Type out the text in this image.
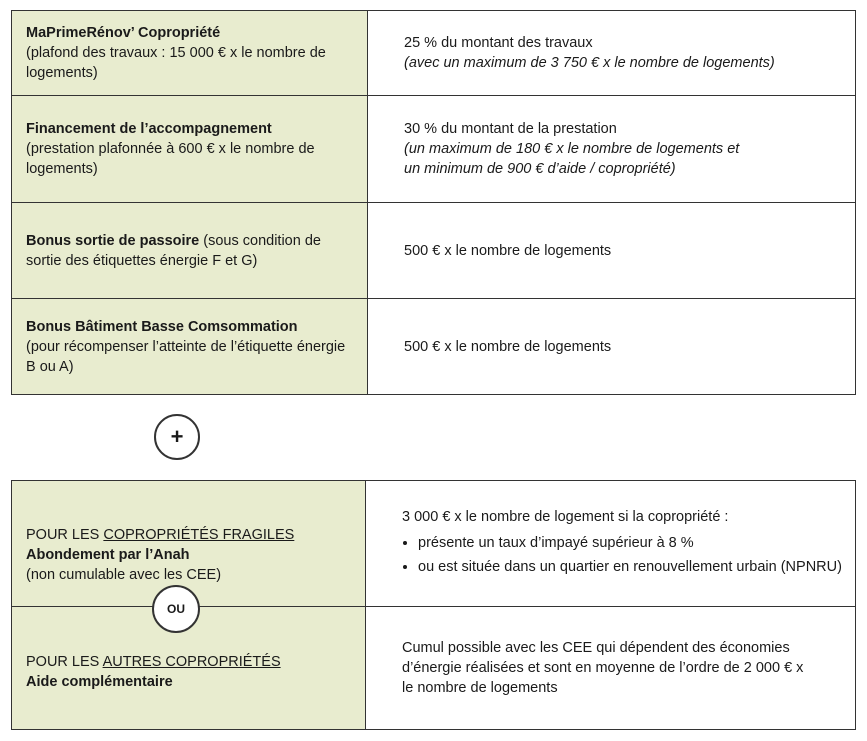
MaPrimeRénov’ Copropriété
(plafond des travaux : 15 000 € x le nombre de logements)
25 % du montant des travaux
(avec un maximum de 3 750 € x le nombre de logements)
Financement de l’accompagnement
(prestation plafonnée à 600 € x le nombre de logements)
30 % du montant de la prestation
(un maximum de 180 € x le nombre de logements et
un minimum de 900 € d’aide / copropriété)
Bonus sortie de passoire (sous condition de sortie des étiquettes énergie F et G)
500 € x le nombre de logements
Bonus Bâtiment Basse Comsommation
(pour récompenser l’atteinte de l’étiquette énergie B ou A)
500 € x le nombre de logements
+
POUR LES COPROPRIÉTÉS FRAGILES
Abondement par l’Anah
(non cumulable avec les CEE)
3 000 € x le nombre de logement si la copropriété :
• présente un taux d’impayé supérieur à 8 %
• ou est située dans un quartier en renouvellement urbain (NPNRU)
POUR LES AUTRES COPROPRIÉTÉS
Aide complémentaire
Cumul possible avec les CEE qui dépendent des économies d’énergie réalisées et sont en moyenne de l’ordre de 2 000 € x le nombre de logements
OU
